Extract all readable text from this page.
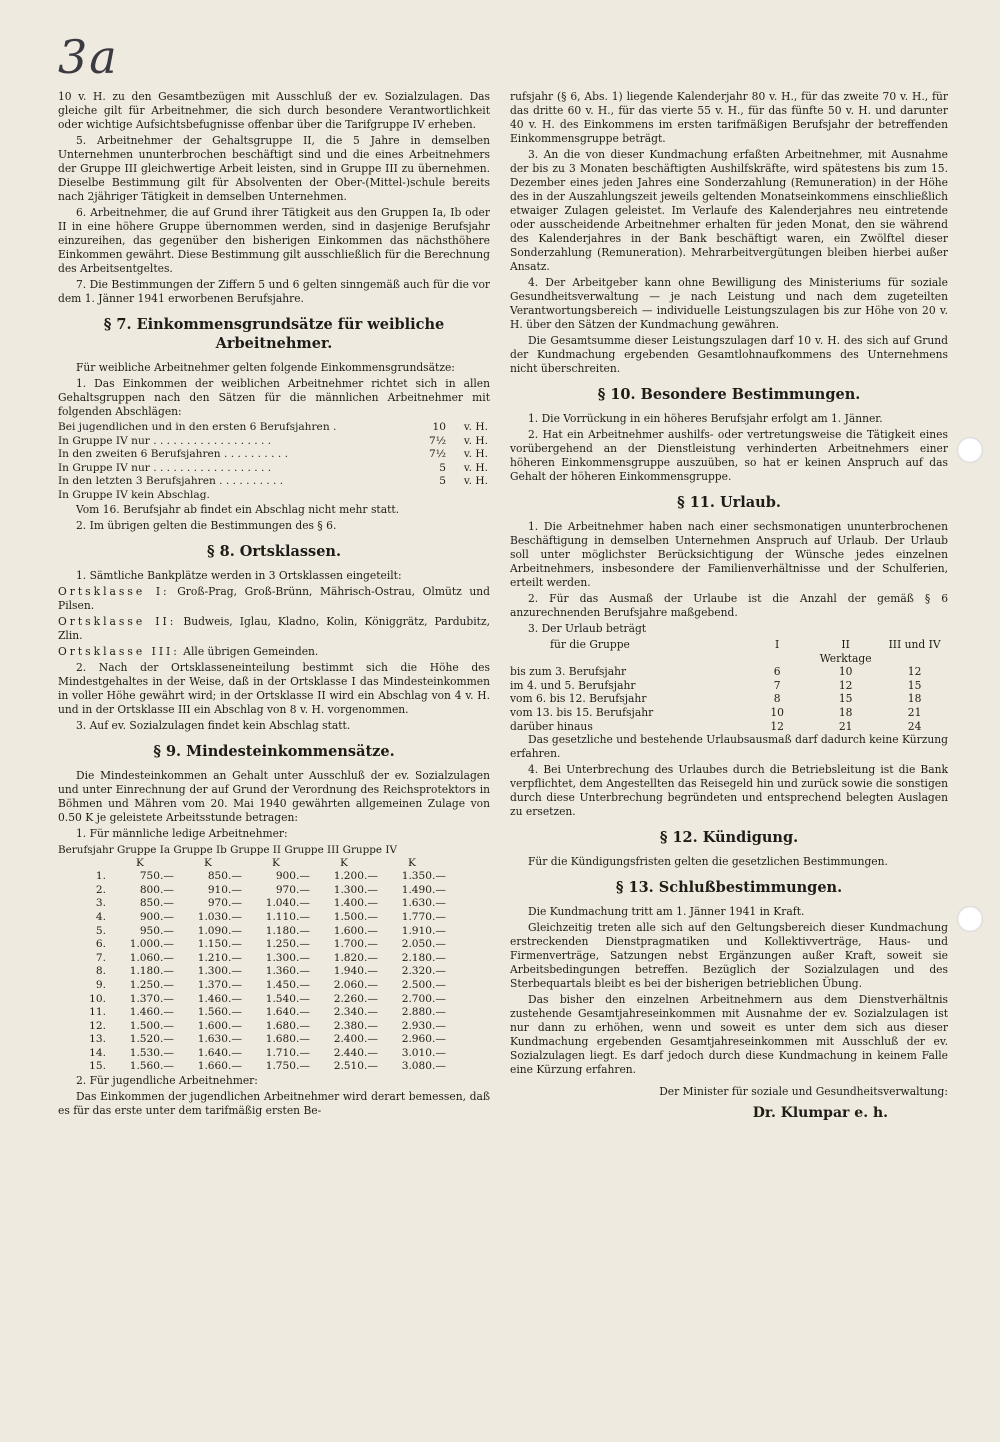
3a

10 v. H. zu den Gesamtbezügen mit Ausschluß der ev. Sozialzulagen. Das gleiche gilt für Arbeitnehmer, die sich durch besondere Verantwortlichkeit oder wichtige Aufsichtsbefugnisse offenbar über die Tarifgruppe IV erheben.

5. Arbeitnehmer der Gehaltsgruppe II, die 5 Jahre in demselben Unternehmen ununterbrochen beschäftigt sind und die eines Arbeitnehmers der Gruppe III gleichwertige Arbeit leisten, sind in Gruppe III zu übernehmen. Dieselbe Bestimmung gilt für Absolventen der Ober-(Mittel-)schule bereits nach 2jähriger Tätigkeit in demselben Unternehmen.

6. Arbeitnehmer, die auf Grund ihrer Tätigkeit aus den Gruppen Ia, Ib oder II in eine höhere Gruppe übernommen werden, sind in dasjenige Berufsjahr einzureihen, das gegenüber den bisherigen Einkommen das nächsthöhere Einkommen gewährt. Diese Bestimmung gilt ausschließlich für die Berechnung des Arbeitsentgeltes.

7. Die Bestimmungen der Ziffern 5 und 6 gelten sinngemäß auch für die vor dem 1. Jänner 1941 erworbenen Berufsjahre.

§ 7. Einkommensgrundsätze für weibliche Arbeitnehmer.

Für weibliche Arbeitnehmer gelten folgende Einkommensgrundsätze:

1. Das Einkommen der weiblichen Arbeitnehmer richtet sich in allen Gehaltsgruppen nach den Sätzen für die männlichen Arbeitnehmer mit folgenden Abschlägen:

Bei jugendlichen und in den ersten 6 Berufsjahren .	10	v. H.
In Gruppe IV nur . . . . . . . . . . . . . . . . . .	7½	v. H.
In den zweiten 6 Berufsjahren . . . . . . . . . .	7½	v. H.
In Gruppe IV nur . . . . . . . . . . . . . . . . . .	5	v. H.
In den letzten 3 Berufsjahren . . . . . . . . . .	5	v. H.
In Gruppe IV kein Abschlag.		

Vom 16. Berufsjahr ab findet ein Abschlag nicht mehr statt.

2. Im übrigen gelten die Bestimmungen des § 6.

§ 8. Ortsklassen.

1. Sämtliche Bankplätze werden in 3 Ortsklassen eingeteilt:

Ortsklasse I: Groß-Prag, Groß-Brünn, Mährisch-Ostrau, Olmütz und Pilsen.

Ortsklasse II: Budweis, Iglau, Kladno, Kolin, Königgrätz, Pardubitz, Zlin.

Ortsklasse III: Alle übrigen Gemeinden.

2. Nach der Ortsklasseneinteilung bestimmt sich die Höhe des Mindestgehaltes in der Weise, daß in der Ortsklasse I das Mindesteinkommen in voller Höhe gewährt wird; in der Ortsklasse II wird ein Abschlag von 4 v. H. und in der Ortsklasse III ein Abschlag von 8 v. H. vorgenommen.

3. Auf ev. Sozialzulagen findet kein Abschlag statt.

§ 9. Mindesteinkommensätze.

Die Mindesteinkommen an Gehalt unter Ausschluß der ev. Sozialzulagen und unter Einrechnung der auf Grund der Verordnung des Reichsprotektors in Böhmen und Mähren vom 20. Mai 1940 gewährten allgemeinen Zulage von 0.50 K je geleistete Arbeitsstunde betragen:

1. Für männliche ledige Arbeitnehmer:

Berufsjahr Gruppe Ia Gruppe Ib Gruppe II Gruppe III Gruppe IV
	K	K	K	K	K
1.	750.—	850.—	900.—	1.200.—	1.350.—
2.	800.—	910.—	970.—	1.300.—	1.490.—
3.	850.—	970.—	1.040.—	1.400.—	1.630.—
4.	900.—	1.030.—	1.110.—	1.500.—	1.770.—
5.	950.—	1.090.—	1.180.—	1.600.—	1.910.—
6.	1.000.—	1.150.—	1.250.—	1.700.—	2.050.—
7.	1.060.—	1.210.—	1.300.—	1.820.—	2.180.—
8.	1.180.—	1.300.—	1.360.—	1.940.—	2.320.—
9.	1.250.—	1.370.—	1.450.—	2.060.—	2.500.—
10.	1.370.—	1.460.—	1.540.—	2.260.—	2.700.—
11.	1.460.—	1.560.—	1.640.—	2.340.—	2.880.—
12.	1.500.—	1.600.—	1.680.—	2.380.—	2.930.—
13.	1.520.—	1.630.—	1.680.—	2.400.—	2.960.—
14.	1.530.—	1.640.—	1.710.—	2.440.—	3.010.—
15.	1.560.—	1.660.—	1.750.—	2.510.—	3.080.—

2. Für jugendliche Arbeitnehmer:

Das Einkommen der jugendlichen Arbeitnehmer wird derart bemessen, daß es für das erste unter dem tarifmäßig ersten Be-

rufsjahr (§ 6, Abs. 1) liegende Kalenderjahr 80 v. H., für das zweite 70 v. H., für das dritte 60 v. H., für das vierte 55 v. H., für das fünfte 50 v. H. und darunter 40 v. H. des Einkommens im ersten tarifmäßigen Berufsjahr der betreffenden Einkommensgruppe beträgt.

3. An die von dieser Kundmachung erfaßten Arbeitnehmer, mit Ausnahme der bis zu 3 Monaten beschäftigten Aushilfskräfte, wird spätestens bis zum 15. Dezember eines jeden Jahres eine Sonderzahlung (Remuneration) in der Höhe des in der Auszahlungszeit jeweils geltenden Monatseinkommens einschließlich etwaiger Zulagen geleistet. Im Verlaufe des Kalenderjahres neu eintretende oder ausscheidende Arbeitnehmer erhalten für jeden Monat, den sie während des Kalenderjahres in der Bank beschäftigt waren, ein Zwölftel dieser Sonderzahlung (Remuneration). Mehrarbeitvergütungen bleiben hierbei außer Ansatz.

4. Der Arbeitgeber kann ohne Bewilligung des Ministeriums für soziale Gesundheitsverwaltung — je nach Leistung und nach dem zugeteilten Verantwortungsbereich — individuelle Leistungszulagen bis zur Höhe von 20 v. H. über den Sätzen der Kundmachung gewähren.

Die Gesamtsumme dieser Leistungszulagen darf 10 v. H. des sich auf Grund der Kundmachung ergebenden Gesamtlohnaufkommens des Unternehmens nicht überschreiten.

§ 10. Besondere Bestimmungen.

1. Die Vorrückung in ein höheres Berufsjahr erfolgt am 1. Jänner.

2. Hat ein Arbeitnehmer aushilfs- oder vertretungsweise die Tätigkeit eines vorübergehend an der Dienstleistung verhinderten Arbeitnehmers einer höheren Einkommensgruppe auszuüben, so hat er keinen Anspruch auf das Gehalt der höheren Einkommensgruppe.

§ 11. Urlaub.

1. Die Arbeitnehmer haben nach einer sechsmonatigen ununterbrochenen Beschäftigung in demselben Unternehmen Anspruch auf Urlaub. Der Urlaub soll unter möglichster Berücksichtigung der Wünsche jedes einzelnen Arbeitnehmers, insbesondere der Familienverhältnisse und der Schulferien, erteilt werden.

2. Für das Ausmaß der Urlaube ist die Anzahl der gemäß § 6 anzurechnenden Berufsjahre maßgebend.

3. Der Urlaub beträgt

für die Gruppe	I	II	III und IV
		Werktage	
bis zum 3. Berufsjahr	6	10	12
im 4. und 5. Berufsjahr	7	12	15
vom 6. bis 12. Berufsjahr	8	15	18
vom 13. bis 15. Berufsjahr	10	18	21
darüber hinaus	12	21	24

Das gesetzliche und bestehende Urlaubsausmaß darf dadurch keine Kürzung erfahren.

4. Bei Unterbrechung des Urlaubes durch die Betriebsleitung ist die Bank verpflichtet, dem Angestellten das Reisegeld hin und zurück sowie die sonstigen durch diese Unterbrechung begründeten und entsprechend belegten Auslagen zu ersetzen.

§ 12. Kündigung.

Für die Kündigungsfristen gelten die gesetzlichen Bestimmungen.

§ 13. Schlußbestimmungen.

Die Kundmachung tritt am 1. Jänner 1941 in Kraft.

Gleichzeitig treten alle sich auf den Geltungsbereich dieser Kundmachung erstreckenden Dienstpragmatiken und Kollektivverträge, Haus- und Firmenverträge, Satzungen nebst Ergänzungen außer Kraft, soweit sie Arbeitsbedingungen betreffen. Bezüglich der Sozialzulagen und des Sterbequartals bleibt es bei der bisherigen betrieblichen Übung.

Das bisher den einzelnen Arbeitnehmern aus dem Dienstverhältnis zustehende Gesamtjahreseinkommen mit Ausnahme der ev. Sozialzulagen ist nur dann zu erhöhen, wenn und soweit es unter dem sich aus dieser Kundmachung ergebenden Gesamtjahreseinkommen mit Ausschluß der ev. Sozialzulagen liegt. Es darf jedoch durch diese Kundmachung in keinem Falle eine Kürzung erfahren.

Der Minister für soziale und Gesundheitsverwaltung:
Dr. Klumpar e. h.
